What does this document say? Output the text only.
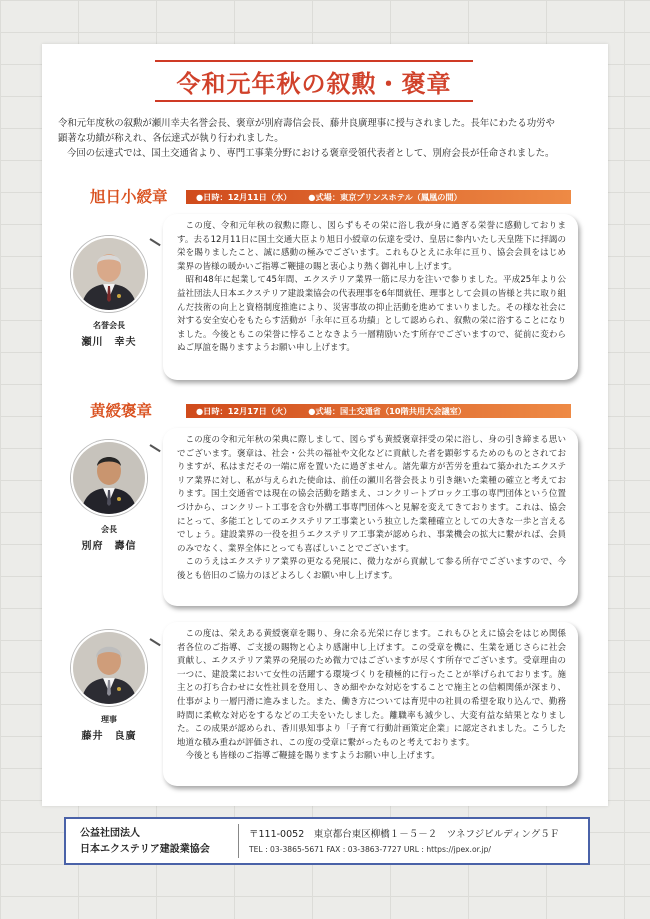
令和元年秋の叙勲・褒章

令和元年度秋の叙勲が瀬川幸夫名誉会長、褒章が別府壽信会長、藤井良廣理事に授与されました。長年にわたる功労や

顕著な功績が称えれ、各伝達式が執り行われました。

今回の伝達式では、国土交通省より、専門工事業分野における褒章受領代表者として、別府会長が任命されました。

旭日小綬章	●日時：12月11日（水） ●式場：東京プリンスホテル（鳳凰の間）
名誉会長
瀬川　幸夫

この度、令和元年秋の叙勲に際し、図らずもその栄に浴し我が身に過ぎる栄誉に感動しております。去る12月11日に国土交通大臣より旭日小綬章の伝達を受け、皇居に参内いたし天皇陛下に拝謁の栄を賜りましたこと、誠に感動の極みでございます。これもひとえに永年に亘り、協会会員をはじめ業界の皆様の暖かいご指導ご鞭撻の賜と衷心より熱く御礼申し上げます。

昭和48年に起業して45年間、エクステリア業界一筋に尽力を注いで参りました。平成25年より公益社団法人日本エクステリア建設業協会の代表理事を6年間就任、理事として会員の皆様と共に取り組んだ技術の向上と資格制度推進により、災害事故の抑止活動を進めてまいりました。その様な社会に対する安全安心をもたらす活動が「永年に亘る功績」として認められ、叙勲の栄に浴することになりました。今後ともこの栄誉に悖ることなきよう一層精励いたす所存でございますので、従前に変わらぬご厚誼を賜りますようお願い申し上げます。

黄綬褒章	●日時：12月17日（火） ●式場：国土交通省（10階共用大会議室）
会長
別府　壽信

この度の令和元年秋の栄典に際しまして、図らずも黄綬褒章拝受の栄に浴し、身の引き締まる思いでございます。褒章は、社会・公共の福祉や文化などに貢献した者を顕彰するためのものとされておりますが、私はまだその一端に席を置いたに過ぎません。諸先輩方が苦労を重ねて築かれたエクステリア業界に対し、私が与えられた使命は、前任の瀬川名誉会長より引き継いた業種の確立と考えております。国土交通省では現在の協会活動を踏まえ、コンクリートブロック工事の専門団体という位置づけから、コンクリート工事を含む外構工事専門団体へと見解を変えてきております。これは、協会にとって、多能工としてのエクステリア工事業という独立した業種確立としての大きな一歩と言えるでしょう。建設業界の一役を担うエクステリア工事業が認められ、事業機会の拡大に繋がれば、会員のみでなく、業界全体にとっても喜ばしいことでございます。

このうえはエクステリア業界の更なる発展に、微力ながら貢献して参る所存でございますので、今後とも倍旧のご協力のほどよろしくお願い申し上げます。

理事
藤井　良廣

この度は、栄えある黄綬褒章を賜り、身に余る光栄に存じます。これもひとえに協会をはじめ関係者各位のご指導、ご支援の賜物と心より感謝申し上げます。この受章を機に、生業を通じさらに社会貢献し、エクステリア業界の発展のため微力ではございますが尽くす所存でございます。受章理由の一つに、建設業において女性の活躍する環境づくりを積極的に行ったことが挙げられております。施主との打ち合わせに女性社員を登用し、きめ細やかな対応をすることで施主との信頼関係が深まり、仕事がより一層円滑に進みました。また、働き方については育児中の社員の希望を取り込んで、勤務時間に柔軟な対応をするなどの工夫をいたしました。離職率も減少し、大変有益な結果となりました。この成果が認められ、香川県知事より「子育て行動計画策定企業」に認定されました。こうした地道な積み重ねが評価され、この度の受章に繋がったものと考えております。

今後とも皆様のご指導ご鞭撻を賜りますようお願い申し上げます。

公益社団法人
日本エクステリア建設業協会
〒111-0052　東京都台東区柳橋１－５－２　ツネフジビルディング５Ｆ
TEL : 03-3865-5671 FAX : 03-3863-7727 URL : https://jpex.or.jp/
